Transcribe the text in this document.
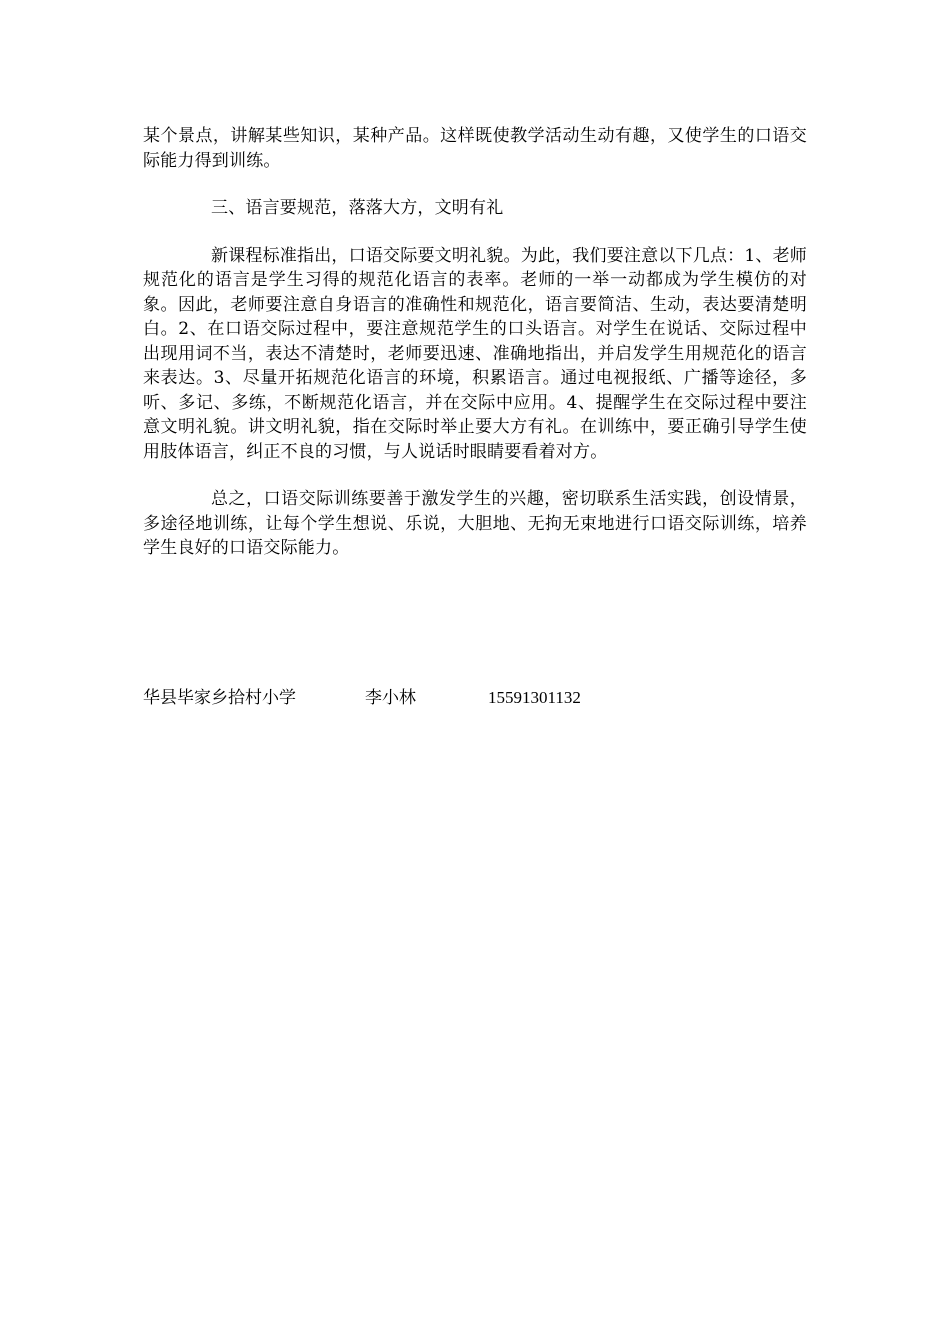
某个景点，讲解某些知识，某种产品。这样既使教学活动生动有趣，又使学生的口语交际能力得到训练。

三、语言要规范，落落大方，文明有礼

新课程标准指出，口语交际要文明礼貌。为此，我们要注意以下几点：1、老师规范化的语言是学生习得的规范化语言的表率。老师的一举一动都成为学生模仿的对象。因此，老师要注意自身语言的准确性和规范化，语言要简洁、生动，表达要清楚明白。2、在口语交际过程中，要注意规范学生的口头语言。对学生在说话、交际过程中出现用词不当，表达不清楚时，老师要迅速、准确地指出，并启发学生用规范化的语言来表达。3、尽量开拓规范化语言的环境，积累语言。通过电视报纸、广播等途径，多听、多记、多练，不断规范化语言，并在交际中应用。4、提醒学生在交际过程中要注意文明礼貌。讲文明礼貌，指在交际时举止要大方有礼。在训练中，要正确引导学生使用肢体语言，纠正不良的习惯，与人说话时眼睛要看着对方。

总之，口语交际训练要善于激发学生的兴趣，密切联系生活实践，创设情景，多途径地训练，让每个学生想说、乐说，大胆地、无拘无束地进行口语交际训练，培养学生良好的口语交际能力。

华县毕家乡拾村小学	李小林	15591301132
